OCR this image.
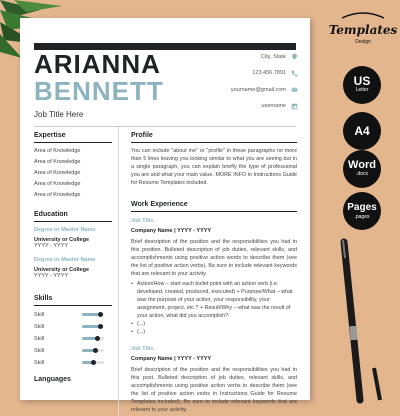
Templates
Design
US
Letter
A4
Word
.docx
Pages
.pages
ARIANNA
BENNETT
Job Title Here
City, State
123.456.7891
yourname@gmail.com
username
Expertise
Area of Knowledge
Area of Knowledge
Area of Knowledge
Area of Knowledge
Area of Knowledge
Education
Degree or Master Name
University or College
YYYY - YYYY
Degree or Master Name
University or College
YYYY - YYYY
Skills
Skill
Skill
Skill
Skill
Skill
Languages
Profile
You can include "about me" or "profile" in these paragraphs no more than 5 lines leaving you looking similar to what you are seeing but in a single paragraph, you can explain briefly the type of professional you are and what your main value. MORE INFO in Instructions Guide for Resume Templates included.
Work Experience
Job Title
Company Name | YYYY - YYYY
Brief description of the position and the responsibilities you had in this position. Bulleted description of job duties, relevant skills, and accomplishments using positive action words to describe them (see the list of positive action verbs). Be sure to include relevant keywords that are relevant to your activity.
• Action/How – start each bullet point with an action verb (i.e. developed, created, produced, executed) + Purpose/What – what was the purpose of your action, your responsibility, your assignment, project, etc.? + Result/Why – what was the result of your action, what did you accomplish?
• (...)
• (...)
Job Title
Company Name | YYYY - YYYY
Brief description of the position and the responsibilities you had in this post. Bulleted description of job duties, relevant skills, and accomplishments using positive action verbs to describe them (see the list of positive action verbs in Instructions Guide for Resume Templates included). Be sure to include relevant keywords that are relevant to your activity.
